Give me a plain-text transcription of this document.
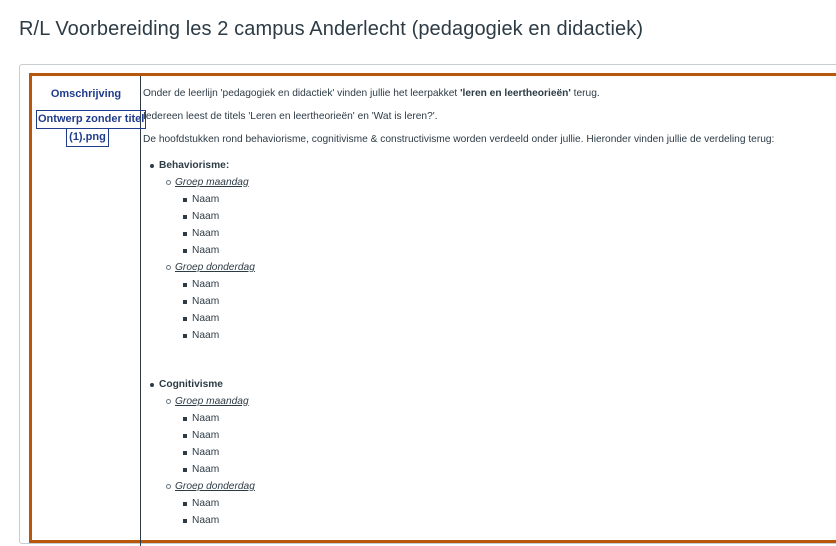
R/L Voorbereiding les 2 campus Anderlecht (pedagogiek en didactiek)
Omschrijving
Ontwerp zonder titel
(1).png

Onder de leerlijn 'pedagogiek en didactiek' vinden jullie het leerpakket 'leren en leertheorieën' terug.

Iedereen leest de titels 'Leren en leertheorieën' en 'Wat is leren?'.

De hoofdstukken rond behaviorisme, cognitivisme & constructivisme worden verdeeld onder jullie. Hieronder vinden jullie de verdeling terug:

Behaviorisme:
Groep maandag
Naam
Naam
Naam
Naam
Groep donderdag
Naam
Naam
Naam
Naam
Cognitivisme
Groep maandag
Naam
Naam
Naam
Naam
Groep donderdag
Naam
Naam
